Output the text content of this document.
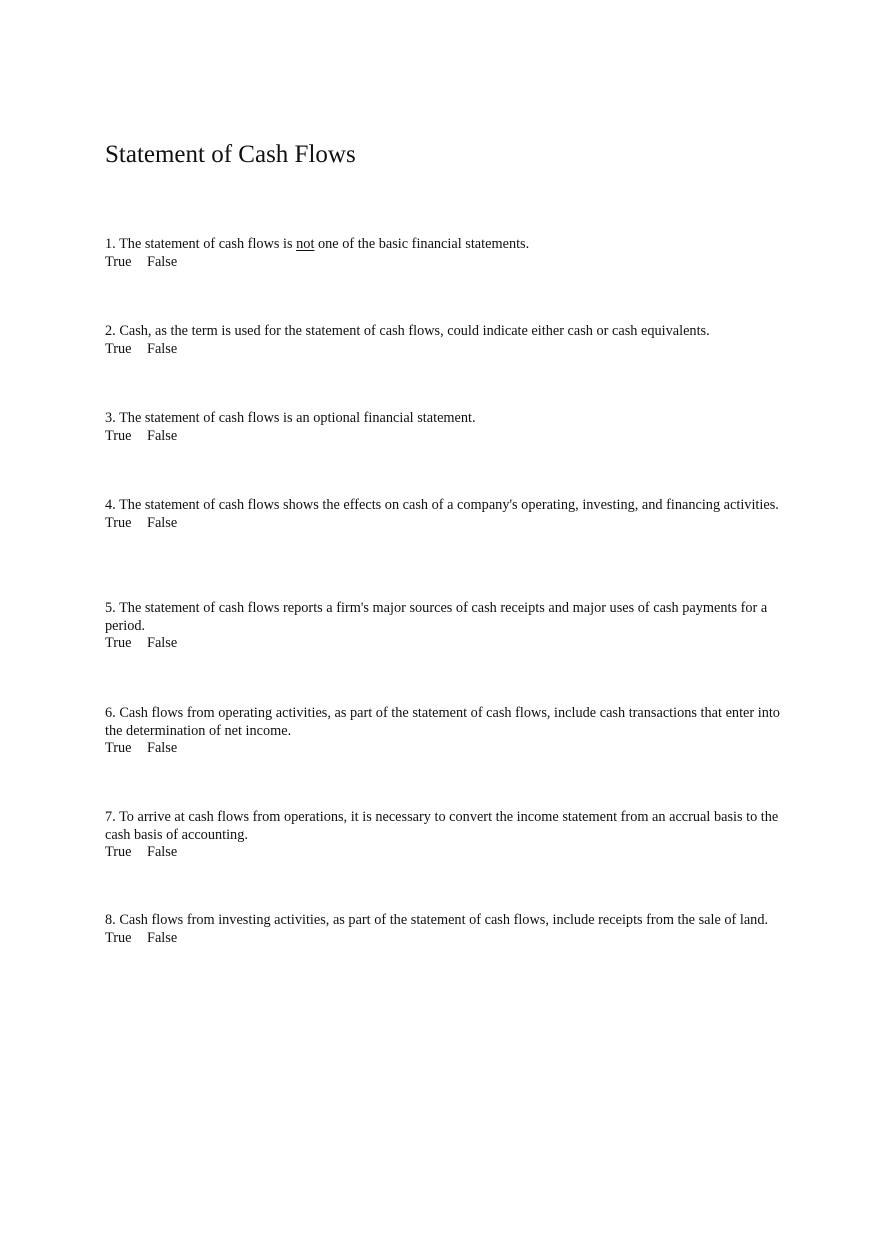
Statement of Cash Flows
1. The statement of cash flows is not one of the basic financial statements.
True False
2. Cash, as the term is used for the statement of cash flows, could indicate either cash or cash equivalents.
True False
3. The statement of cash flows is an optional financial statement.
True False
4. The statement of cash flows shows the effects on cash of a company's operating, investing, and financing activities.
True False
5. The statement of cash flows reports a firm's major sources of cash receipts and major uses of cash payments for a period.
True False
6. Cash flows from operating activities, as part of the statement of cash flows, include cash transactions that enter into the determination of net income.
True False
7. To arrive at cash flows from operations, it is necessary to convert the income statement from an accrual basis to the cash basis of accounting.
True False
8. Cash flows from investing activities, as part of the statement of cash flows, include receipts from the sale of land.
True False
